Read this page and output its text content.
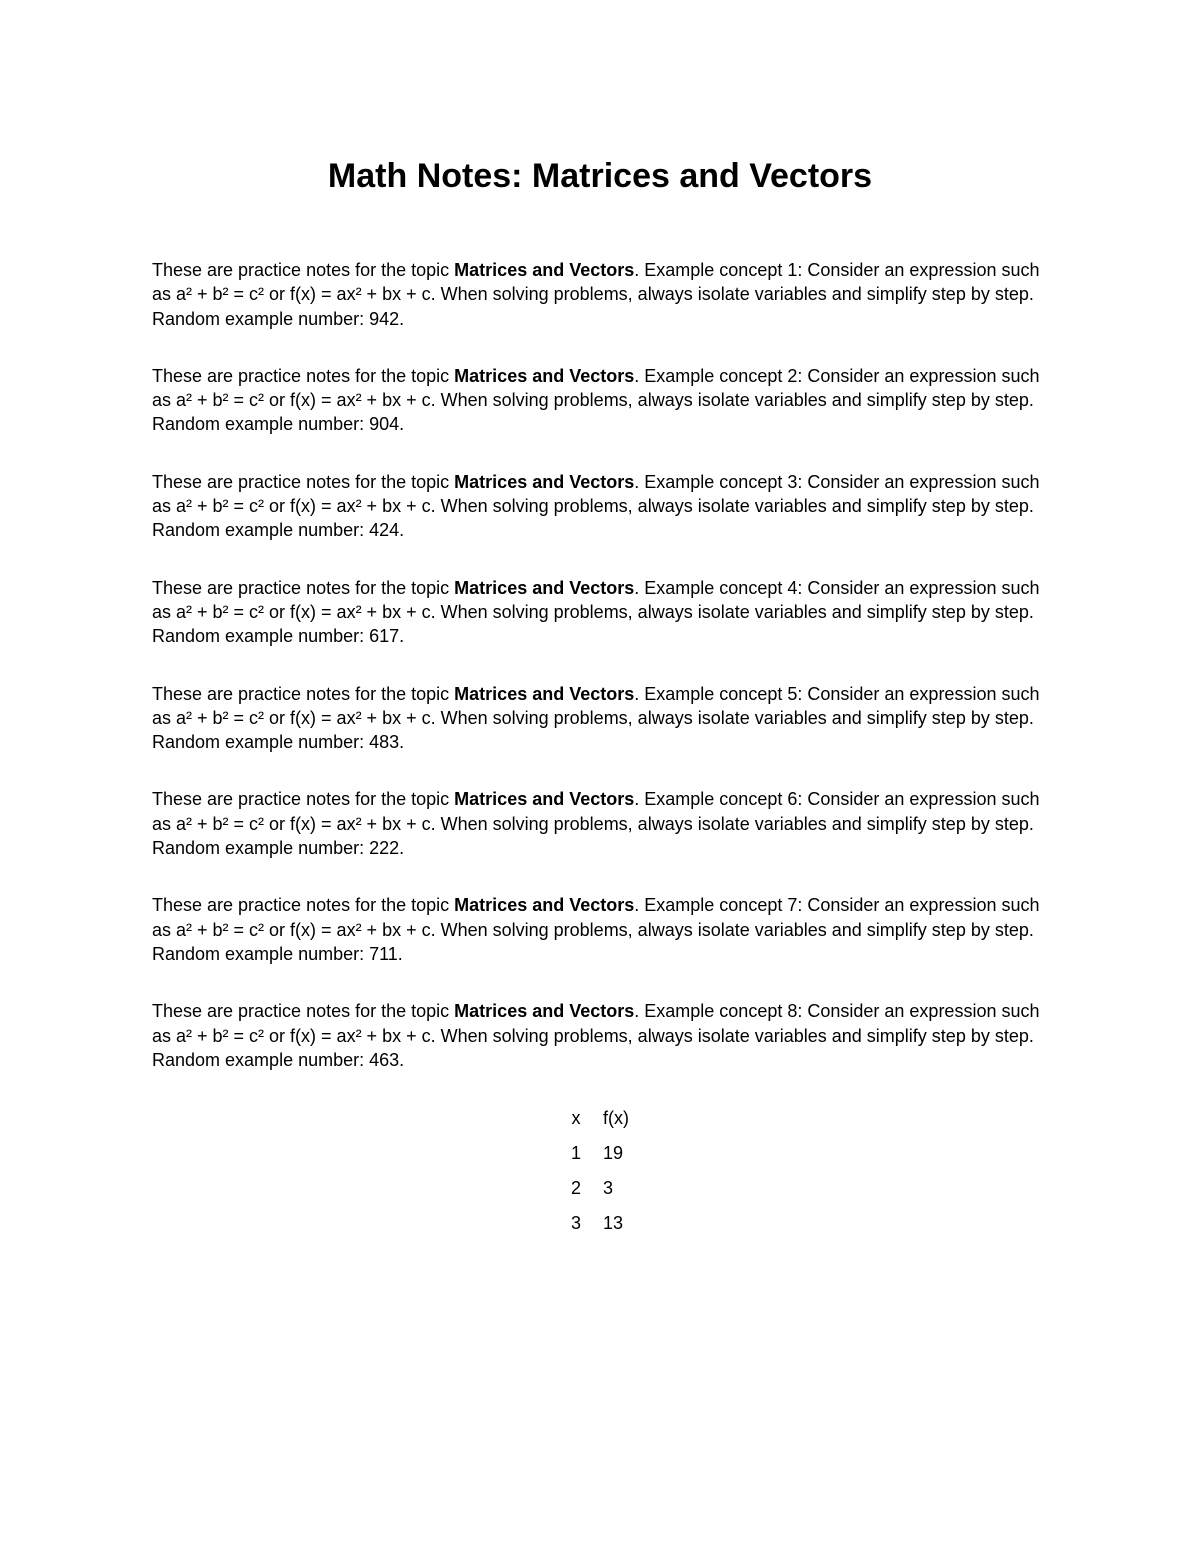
Math Notes: Matrices and Vectors

These are practice notes for the topic Matrices and Vectors. Example concept 1: Consider an expression such as a² + b² = c² or f(x) = ax² + bx + c. When solving problems, always isolate variables and simplify step by step. Random example number: 942.

These are practice notes for the topic Matrices and Vectors. Example concept 2: Consider an expression such as a² + b² = c² or f(x) = ax² + bx + c. When solving problems, always isolate variables and simplify step by step. Random example number: 904.

These are practice notes for the topic Matrices and Vectors. Example concept 3: Consider an expression such as a² + b² = c² or f(x) = ax² + bx + c. When solving problems, always isolate variables and simplify step by step. Random example number: 424.

These are practice notes for the topic Matrices and Vectors. Example concept 4: Consider an expression such as a² + b² = c² or f(x) = ax² + bx + c. When solving problems, always isolate variables and simplify step by step. Random example number: 617.

These are practice notes for the topic Matrices and Vectors. Example concept 5: Consider an expression such as a² + b² = c² or f(x) = ax² + bx + c. When solving problems, always isolate variables and simplify step by step. Random example number: 483.

These are practice notes for the topic Matrices and Vectors. Example concept 6: Consider an expression such as a² + b² = c² or f(x) = ax² + bx + c. When solving problems, always isolate variables and simplify step by step. Random example number: 222.

These are practice notes for the topic Matrices and Vectors. Example concept 7: Consider an expression such as a² + b² = c² or f(x) = ax² + bx + c. When solving problems, always isolate variables and simplify step by step. Random example number: 711.

These are practice notes for the topic Matrices and Vectors. Example concept 8: Consider an expression such as a² + b² = c² or f(x) = ax² + bx + c. When solving problems, always isolate variables and simplify step by step. Random example number: 463.

x	f(x)
1	19
2	3
3	13
